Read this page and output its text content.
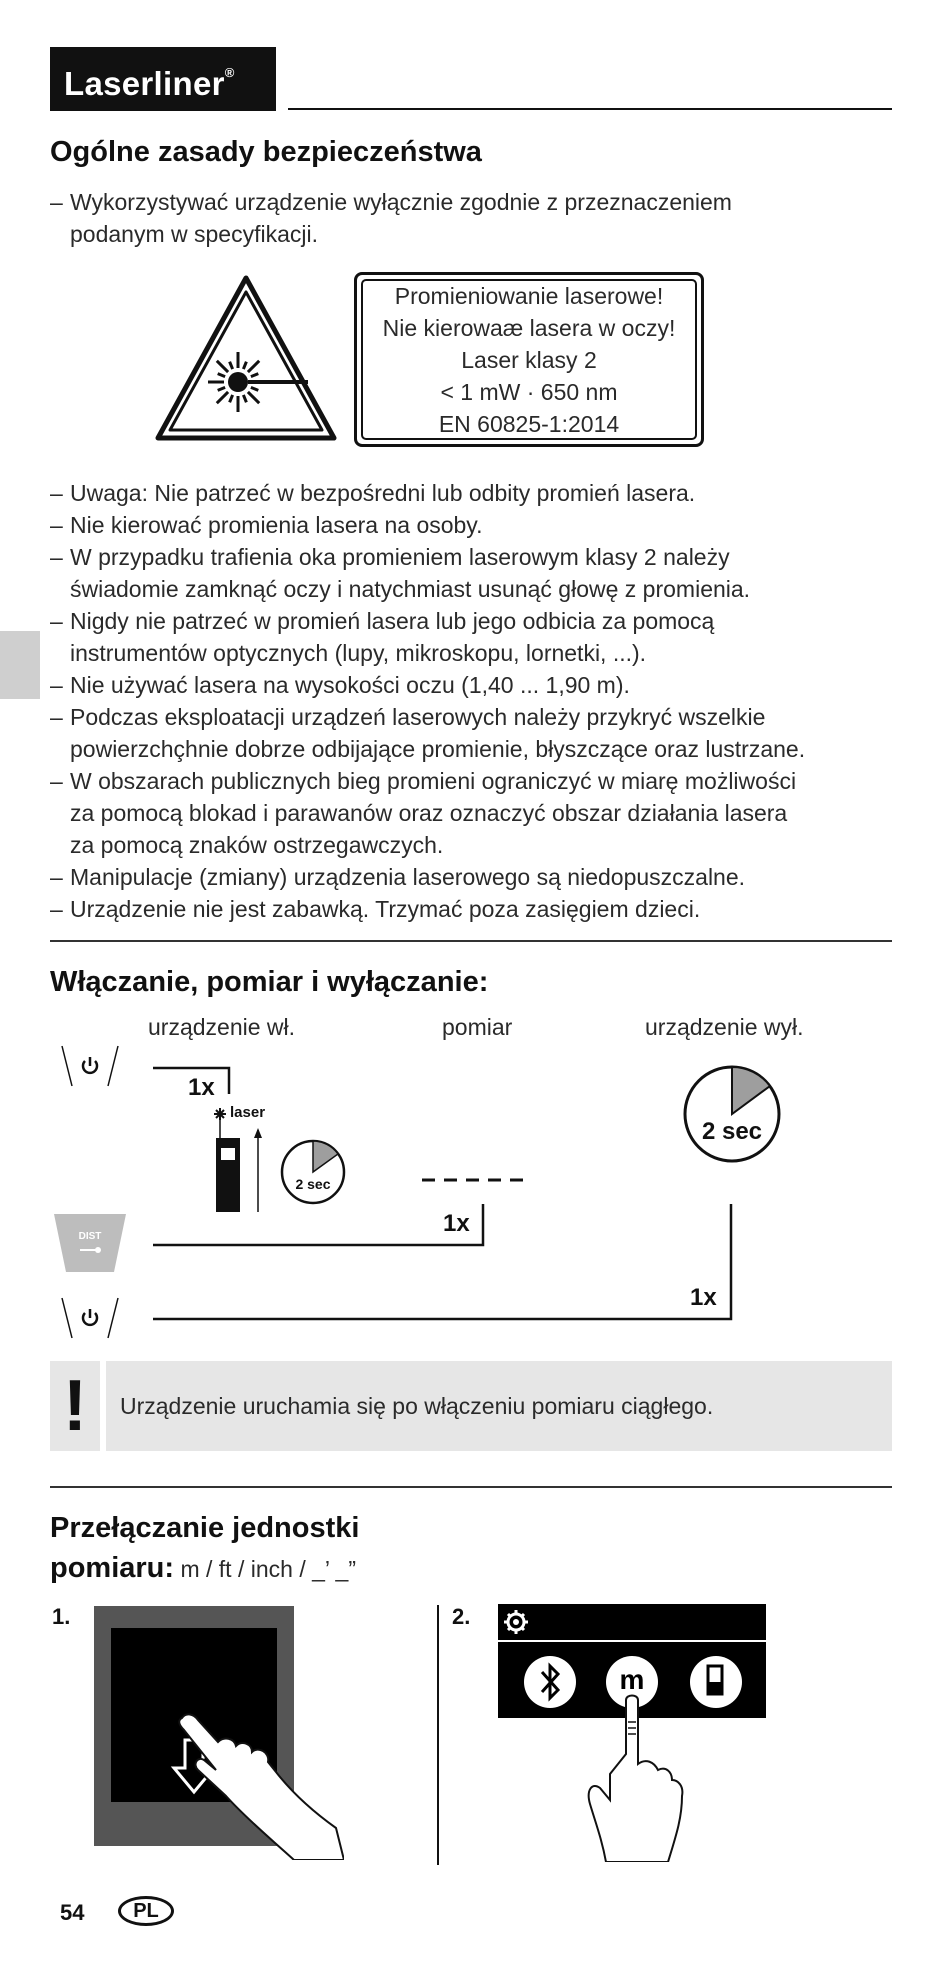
Laserliner®
Ogólne zasady bezpieczeństwa
– Wykorzystywać urządzenie wyłącznie zgodnie z przeznaczeniem
podanym w specyfikacji.
Promieniowanie laserowe!
Nie kierowaæ lasera w oczy!
Laser klasy 2
< 1 mW · 650 nm
EN 60825-1:2014
– Uwaga: Nie patrzeć w bezpośredni lub odbity promień lasera.
– Nie kierować promienia lasera na osoby.
– W przypadku trafienia oka promieniem laserowym klasy 2 należy
świadomie zamknąć oczy i natychmiast usunąć głowę z promienia.
– Nigdy nie patrzeć w promień lasera lub jego odbicia za pomocą
instrumentów optycznych (lupy, mikroskopu, lornetki, ...).
– Nie używać lasera na wysokości oczu (1,40 ... 1,90 m).
– Podczas eksploatacji urządzeń laserowych należy przykryć wszelkie
powierzchçhnie dobrze odbijające promienie, błyszczące oraz lustrzane.
– W obszarach publicznych bieg promieni ograniczyć w miarę możliwości
za pomocą blokad i parawanów oraz oznaczyć obszar działania lasera
za pomocą znaków ostrzegawczych.
– Manipulacje (zmiany) urządzenia laserowego są niedopuszczalne.
– Urządzenie nie jest zabawką. Trzymać poza zasięgiem dzieci.
Włączanie, pomiar i wyłączanie:
urządzenie wł.	pomiar	urządzenie wył.
DIST
1x
1x
1x
laser
2 sec
2 sec
!	Urządzenie uruchamia się po włączeniu pomiaru ciągłego.
Przełączanie jednostki
pomiaru: m / ft / inch / _’ _”
1.	2.
m
54	PL
